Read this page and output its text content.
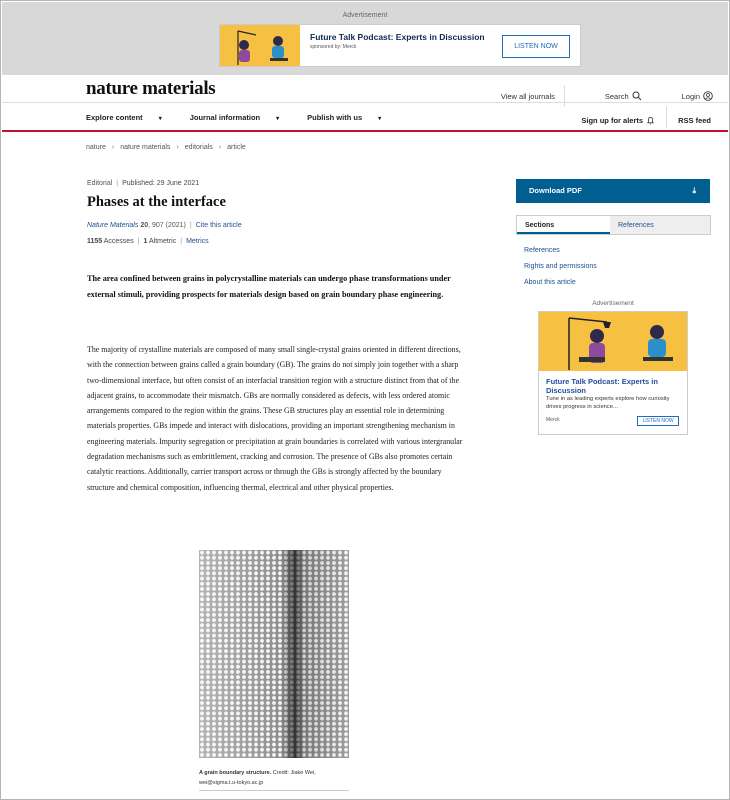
Advertisement
Future Talk Podcast: Experts in Discussion
sponsored by: Merck	LISTEN NOW
nature materials	View all journals	Search	Login
Explore content	▾	Journal information	▾	Publish with us	▾	Sign up for alerts	RSS feed
nature › nature materials › editorials › article
Editorial | Published: 29 June 2021
Phases at the interface
Nature Materials 20, 907 (2021) | Cite this article
1155 Accesses | 1 Altmetric | Metrics
The area confined between grains in polycrystalline materials can undergo phase transformations under external stimuli, providing prospects for materials design based on grain boundary phase engineering.
The majority of crystalline materials are composed of many small single-crystal grains oriented in different directions, with the connection between grains called a grain boundary (GB). The grains do not simply join together with a sharp two-dimensional interface, but often consist of an interfacial transition region with a structure distinct from that of the adjacent grains, to accommodate their mismatch. GBs are normally considered as defects, with less ordered atomic arrangements compared to the region within the grains. These GB structures play an essential role in determining materials properties. GBs impede and interact with dislocations, providing an important strengthening mechanism in engineering materials. Impurity segregation or precipitation at grain boundaries is correlated with various intergranular degradation mechanisms such as embrittlement, cracking and corrosion. The presence of GBs also promotes certain catalytic reactions. Additionally, carrier transport across or through the GBs is strongly affected by the boundary structure and chemical composition, influencing thermal, electrical and other physical properties.
A grain boundary structure. Credit: Jiake Wei, wei@sigma.t.u-tokyo.ac.jp
Download PDF	⤓
Sections	References
References
Rights and permissions
About this article
Advertisement
Future Talk Podcast: Experts in Discussion
Tune in as leading experts explore how curiosity drives progress in science...
Merck	LISTEN NOW
